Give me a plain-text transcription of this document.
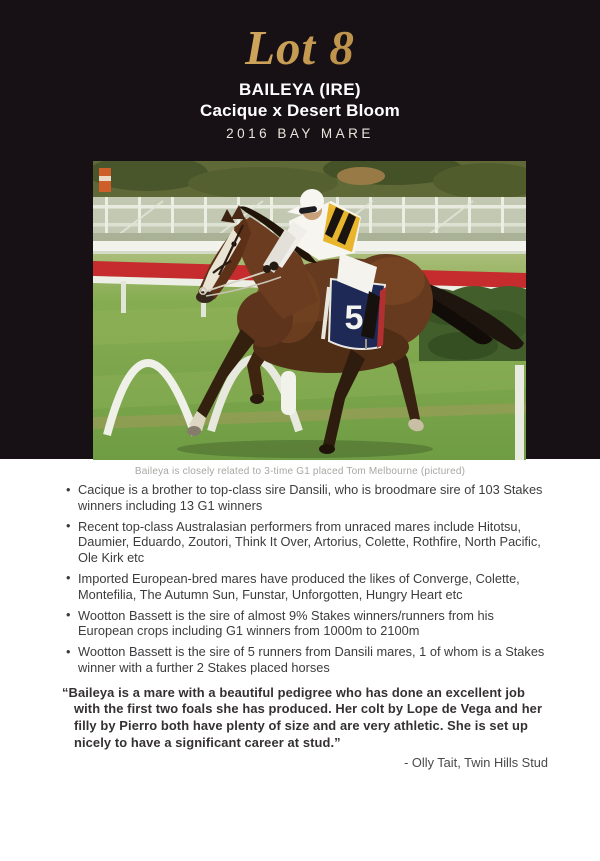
Lot 8
BAILEYA (IRE)
Cacique x Desert Bloom
2016 BAY MARE
5
Baileya is closely related to 3-time G1 placed Tom Melbourne (pictured)
• Cacique is a brother to top-class sire Dansili, who is broodmare sire of 103 Stakes winners including 13 G1 winners
• Recent top-class Australasian performers from unraced mares include Hitotsu, Daumier, Eduardo, Zoutori, Think It Over, Artorius, Colette, Rothfire, North Pacific, Ole Kirk etc
• Imported European-bred mares have produced the likes of Converge, Colette, Montefilia, The Autumn Sun, Funstar, Unforgotten, Hungry Heart etc
• Wootton Bassett is the sire of almost 9% Stakes winners/runners from his European crops including G1 winners from 1000m to 2100m
• Wootton Bassett is the sire of 5 runners from Dansili mares, 1 of whom is a Stakes winner with a further 2 Stakes placed horses

“Baileya is a mare with a beautiful pedigree who has done an excellent job with the first two foals she has produced. Her colt by Lope de Vega and her filly by Pierro both have plenty of size and are very athletic. She is set up nicely to have a significant career at stud.”

- Olly Tait, Twin Hills Stud
